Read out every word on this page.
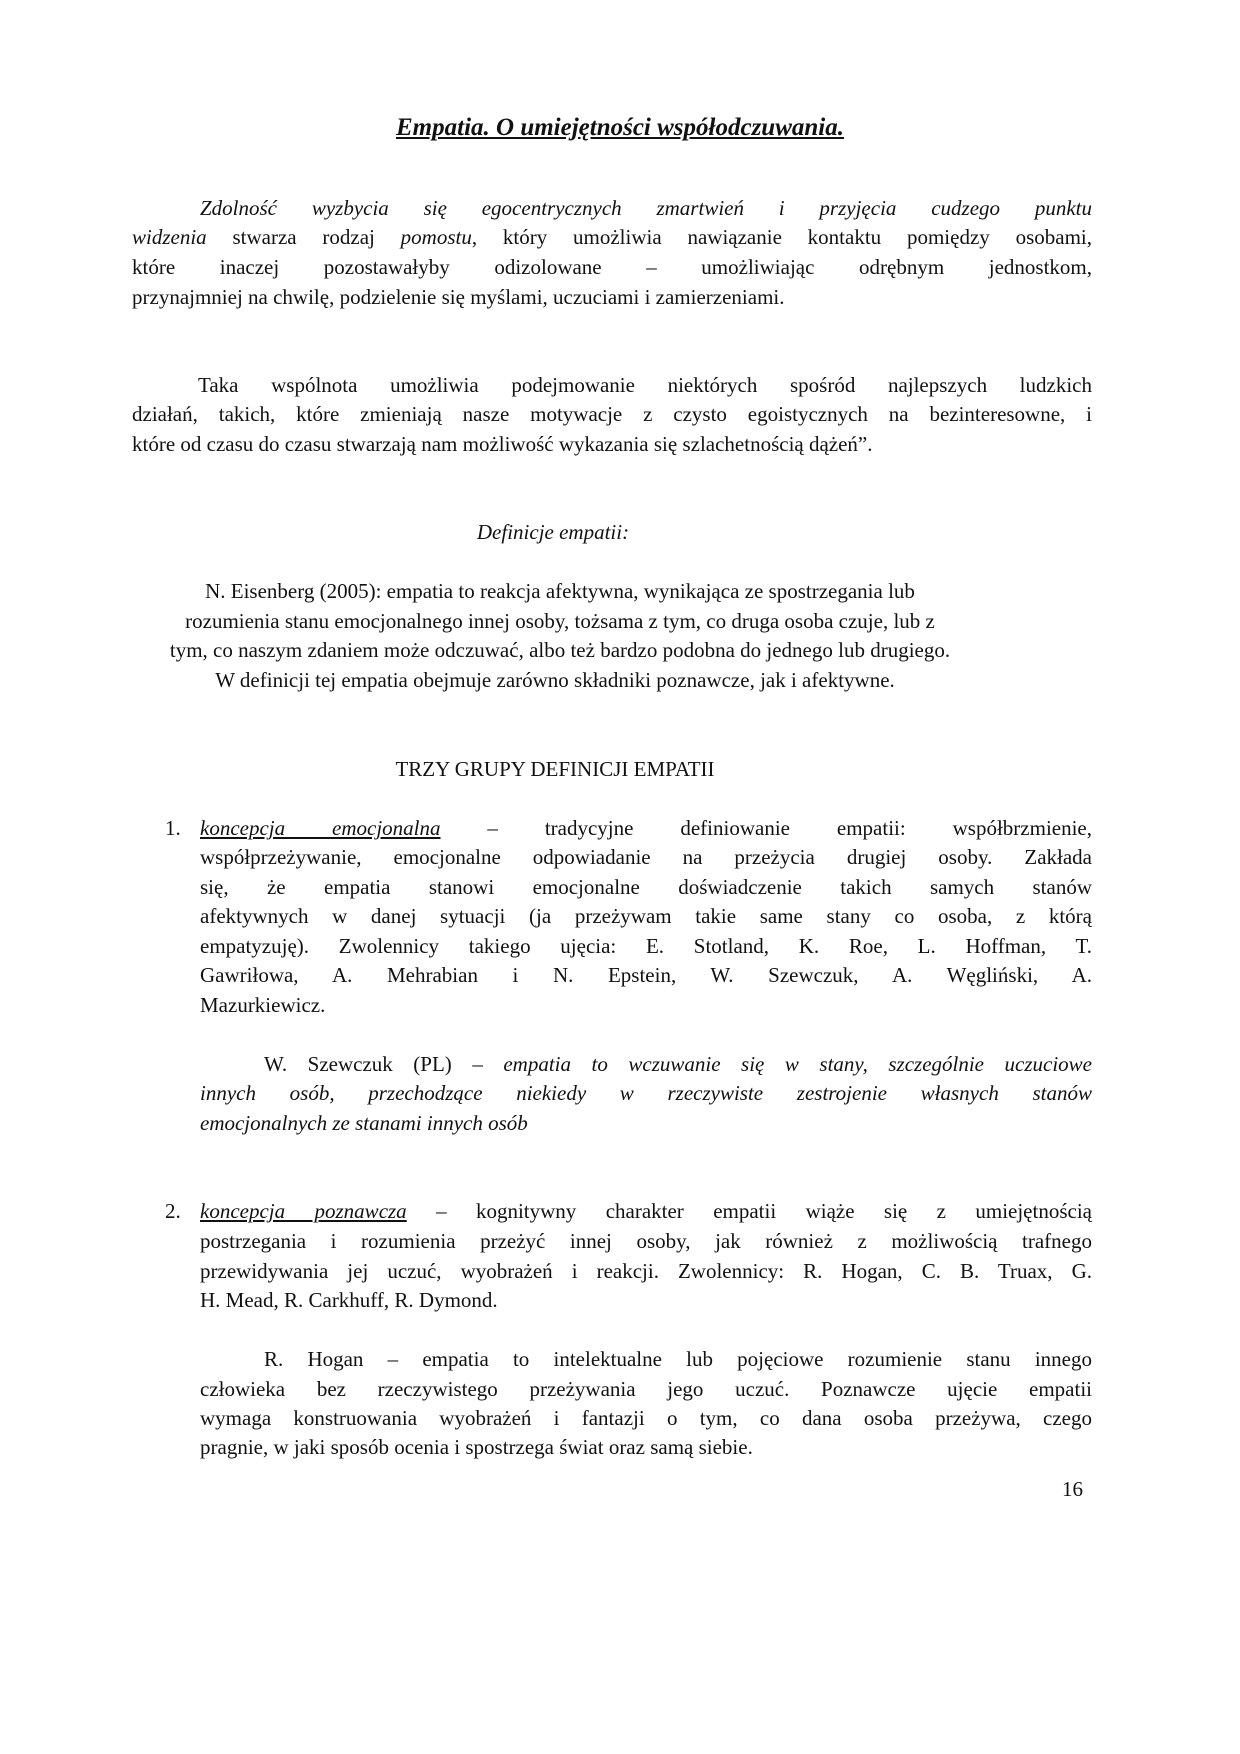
Empatia. O umiejętności współodczuwania.
Zdolność wyzbycia się egocentrycznych zmartwień i przyjęcia cudzego punktu
widzenia stwarza rodzaj pomostu, który umożliwia nawiązanie kontaktu pomiędzy osobami,
które inaczej pozostawałyby odizolowane – umożliwiając odrębnym jednostkom,
przynajmniej na chwilę, podzielenie się myślami, uczuciami i zamierzeniami.
Taka wspólnota umożliwia podejmowanie niektórych spośród najlepszych ludzkich
działań, takich, które zmieniają nasze motywacje z czysto egoistycznych na bezinteresowne, i
które od czasu do czasu stwarzają nam możliwość wykazania się szlachetnością dążeń”.
Definicje empatii:
N. Eisenberg (2005): empatia to reakcja afektywna, wynikająca ze spostrzegania lub
rozumienia stanu emocjonalnego innej osoby, tożsama z tym, co druga osoba czuje, lub z
tym, co naszym zdaniem może odczuwać, albo też bardzo podobna do jednego lub drugiego.
W definicji tej empatia obejmuje zarówno składniki poznawcze, jak i afektywne.
TRZY GRUPY DEFINICJI EMPATII
1. koncepcja emocjonalna – tradycyjne definiowanie empatii: współbrzmienie,
współprzeżywanie, emocjonalne odpowiadanie na przeżycia drugiej osoby. Zakłada
się, że empatia stanowi emocjonalne doświadczenie takich samych stanów
afektywnych w danej sytuacji (ja przeżywam takie same stany co osoba, z którą
empatyzuję). Zwolennicy takiego ujęcia: E. Stotland, K. Roe, L. Hoffman, T.
Gawriłowa, A. Mehrabian i N. Epstein, W. Szewczuk, A. Węgliński, A.
Mazurkiewicz.
W. Szewczuk (PL) – empatia to wczuwanie się w stany, szczególnie uczuciowe
innych osób, przechodzące niekiedy w rzeczywiste zestrojenie własnych stanów
emocjonalnych ze stanami innych osób
2. koncepcja poznawcza – kognitywny charakter empatii wiąże się z umiejętnością
postrzegania i rozumienia przeżyć innej osoby, jak również z możliwością trafnego
przewidywania jej uczuć, wyobrażeń i reakcji. Zwolennicy: R. Hogan, C. B. Truax, G.
H. Mead, R. Carkhuff, R. Dymond.
R. Hogan – empatia to intelektualne lub pojęciowe rozumienie stanu innego
człowieka bez rzeczywistego przeżywania jego uczuć. Poznawcze ujęcie empatii
wymaga konstruowania wyobrażeń i fantazji o tym, co dana osoba przeżywa, czego
pragnie, w jaki sposób ocenia i spostrzega świat oraz samą siebie.
16
